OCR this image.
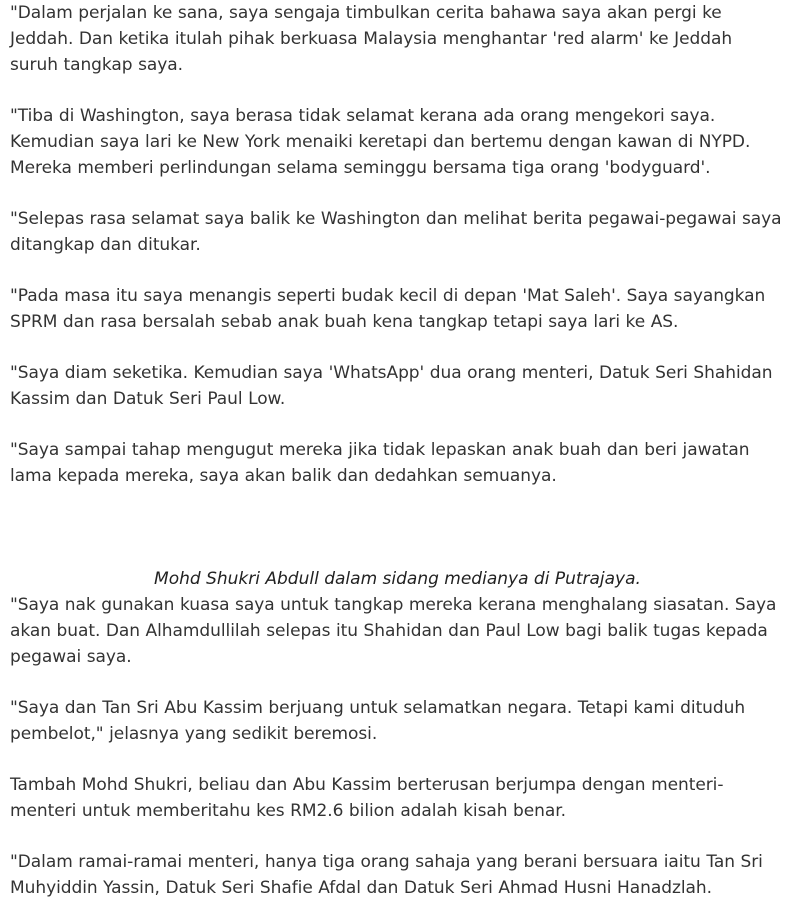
"Dalam perjalan ke sana, saya sengaja timbulkan cerita bahawa saya akan pergi ke Jeddah. Dan ketika itulah pihak berkuasa Malaysia menghantar 'red alarm' ke Jeddah suruh tangkap saya.

"Tiba di Washington, saya berasa tidak selamat kerana ada orang mengekori saya. Kemudian saya lari ke New York menaiki keretapi dan bertemu dengan kawan di NYPD. Mereka memberi perlindungan selama seminggu bersama tiga orang 'bodyguard'.

"Selepas rasa selamat saya balik ke Washington dan melihat berita pegawai-pegawai saya ditangkap dan ditukar.

"Pada masa itu saya menangis seperti budak kecil di depan 'Mat Saleh'. Saya sayangkan SPRM dan rasa bersalah sebab anak buah kena tangkap tetapi saya lari ke AS.

"Saya diam seketika. Kemudian saya 'WhatsApp' dua orang menteri, Datuk Seri Shahidan Kassim dan Datuk Seri Paul Low.

"Saya sampai tahap mengugut mereka jika tidak lepaskan anak buah dan beri jawatan lama kepada mereka, saya akan balik dan dedahkan semuanya.

Mohd Shukri Abdull dalam sidang medianya di Putrajaya.

"Saya nak gunakan kuasa saya untuk tangkap mereka kerana menghalang siasatan. Saya akan buat. Dan Alhamdullilah selepas itu Shahidan dan Paul Low bagi balik tugas kepada pegawai saya.

"Saya dan Tan Sri Abu Kassim berjuang untuk selamatkan negara. Tetapi kami dituduh pembelot," jelasnya yang sedikit beremosi.

Tambah Mohd Shukri, beliau dan Abu Kassim berterusan berjumpa dengan menteri-menteri untuk memberitahu kes RM2.6 bilion adalah kisah benar.

"Dalam ramai-ramai menteri, hanya tiga orang sahaja yang berani bersuara iaitu Tan Sri Muhyiddin Yassin, Datuk Seri Shafie Afdal dan Datuk Seri Ahmad Husni Hanadzlah.
